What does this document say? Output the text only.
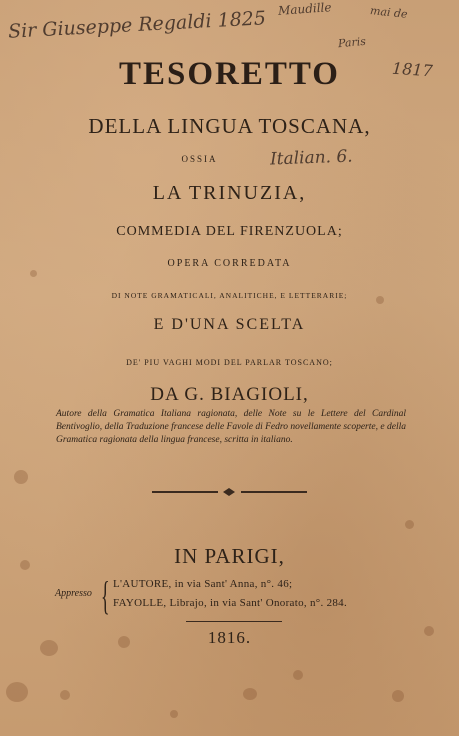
Sir Giuseppe Regaldi 1825 Maudille	mai de
Paris
1817
Italian. 6.
TESORETTO
DELLA LINGUA TOSCANA,
OSSIA
LA TRINUZIA,
COMMEDIA DEL FIRENZUOLA;
OPERA CORREDATA
DI NOTE GRAMATICALI, ANALITICHE, E LETTERARIE;
E D'UNA SCELTA
DE' PIU VAGHI MODI DEL PARLAR TOSCANO;
DA G. BIAGIOLI,
Autore della Gramatica Italiana ragionata, delle Note su le Lettere del Cardinal Bentivoglio, della Traduzione francese delle Favole di Fedro novellamente scoperte, e della Gramatica ragionata della lingua francese, scritta in italiano.
IN PARIGI,
Appresso { L'AUTORE, in via Sant' Anna, n°. 46;
FAYOLLE, Librajo, in via Sant' Onorato, n°. 284.
1816.
